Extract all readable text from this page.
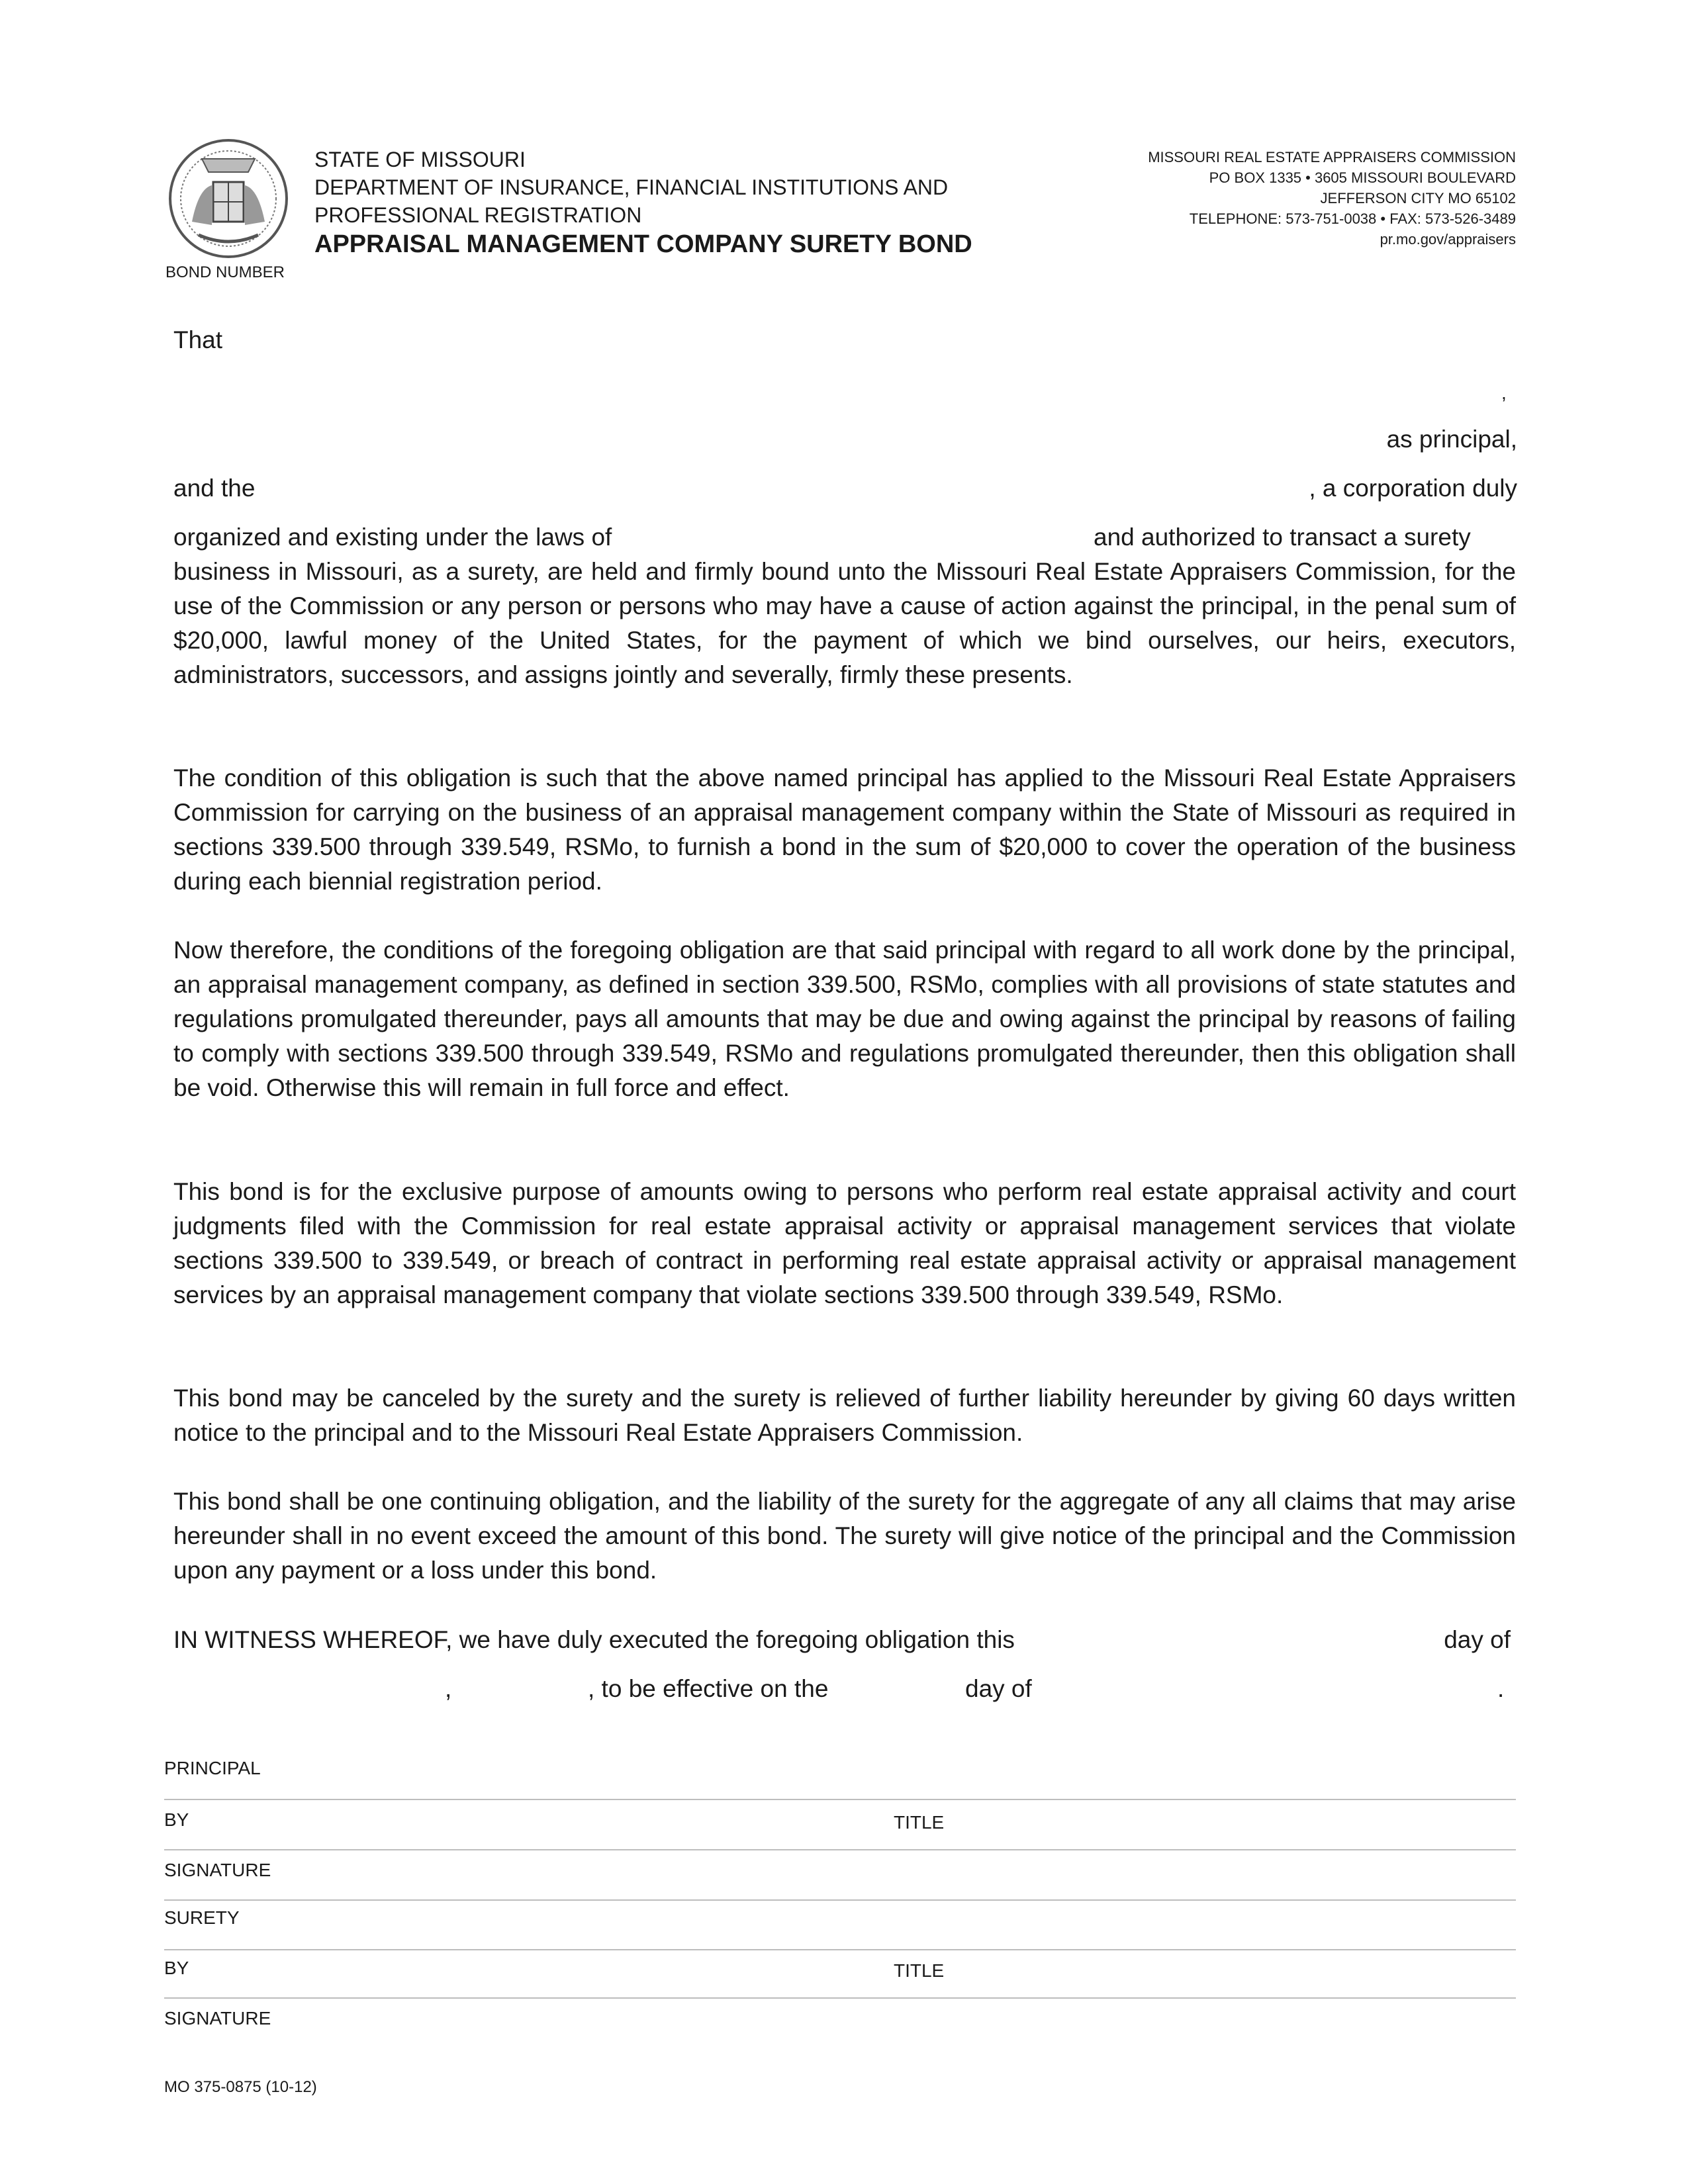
STATE OF MISSOURI
DEPARTMENT OF INSURANCE, FINANCIAL INSTITUTIONS AND
PROFESSIONAL REGISTRATION
APPRAISAL MANAGEMENT COMPANY SURETY BOND
MISSOURI REAL ESTATE APPRAISERS COMMISSION
PO BOX 1335 • 3605 MISSOURI BOULEVARD
JEFFERSON CITY MO 65102
TELEPHONE: 573-751-0038 • FAX: 573-526-3489
pr.mo.gov/appraisers
BOND NUMBER
That
,
as principal,
and the	, a corporation duly
organized and existing under the laws of	and authorized to transact a surety

business in Missouri, as a surety, are held and firmly bound unto the Missouri Real Estate Appraisers Commission, for the use of the Commission or any person or persons who may have a cause of action against the principal, in the penal sum of $20,000, lawful money of the United States, for the payment of which we bind ourselves, our heirs, executors, administrators, successors, and assigns jointly and severally, firmly these presents.

The condition of this obligation is such that the above named principal has applied to the Missouri Real Estate Appraisers Commission for carrying on the business of an appraisal management company within the State of Missouri as required in sections 339.500 through 339.549, RSMo, to furnish a bond in the sum of $20,000 to cover the operation of the business during each biennial registration period.

Now therefore, the conditions of the foregoing obligation are that said principal with regard to all work done by the principal, an appraisal management company, as defined in section 339.500, RSMo, complies with all provisions of state statutes and regulations promulgated thereunder, pays all amounts that may be due and owing against the principal by reasons of failing to comply with sections 339.500 through 339.549, RSMo and regulations promulgated thereunder, then this obligation shall be void. Otherwise this will remain in full force and effect.

This bond is for the exclusive purpose of amounts owing to persons who perform real estate appraisal activity and court judgments filed with the Commission for real estate appraisal activity or appraisal management services that violate sections 339.500 to 339.549, or breach of contract in performing real estate appraisal activity or appraisal management services by an appraisal management company that violate sections 339.500 through 339.549, RSMo.

This bond may be canceled by the surety and the surety is relieved of further liability hereunder by giving 60 days written notice to the principal and to the Missouri Real Estate Appraisers Commission.

This bond shall be one continuing obligation, and the liability of the surety for the aggregate of any all claims that may arise hereunder shall in no event exceed the amount of this bond. The surety will give notice of the principal and the Commission upon any payment or a loss under this bond.

IN WITNESS WHEREOF, we have duly executed the foregoing obligation this	day of
,	, to be effective on the	day of	.
PRINCIPAL
BY	TITLE
SIGNATURE
SURETY
BY	TITLE
SIGNATURE
MO 375-0875 (10-12)
